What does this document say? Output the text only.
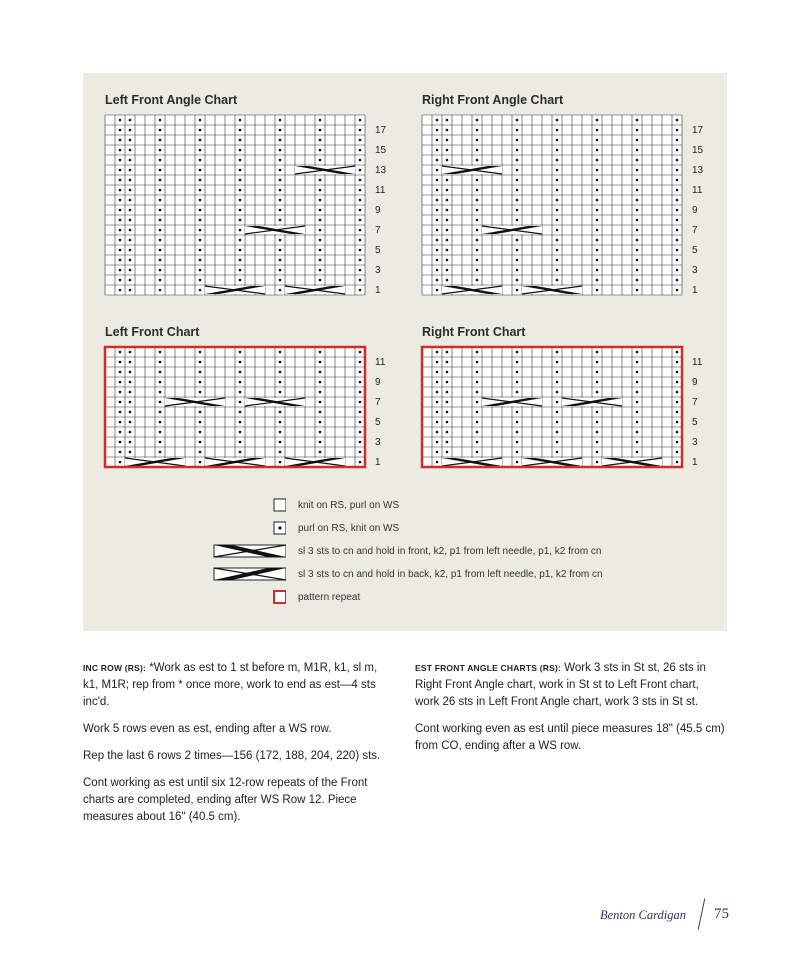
Left Front Angle Chart	Right Front Angle Chart
Left Front Chart	Right Front Chart
17
15
13
11
9
7
5
3
1
17
15
13
11
9
7
5
3
1
11
9
7
5
3
1
11
9
7
5
3
1
knit on RS, purl on WS
purl on RS, knit on WS
sl 3 sts to cn and hold in front, k2, p1 from left needle, p1, k2 from cn
sl 3 sts to cn and hold in back, k2, p1 from left needle, p1, k2 from cn
pattern repeat

INC ROW (RS): *Work as est to 1 st before m, M1R, k1, sl m, k1, M1R; rep from * once more, work to end as est—4 sts inc'd.

Work 5 rows even as est, ending after a WS row.

Rep the last 6 rows 2 times—156 (172, 188, 204, 220) sts.

Cont working as est until six 12-row repeats of the Front charts are completed, ending after WS Row 12. Piece measures about 16" (40.5 cm).

EST FRONT ANGLE CHARTS (RS): Work 3 sts in St st, 26 sts in Right Front Angle chart, work in St st to Left Front chart, work 26 sts in Left Front Angle chart, work 3 sts in St st.

Cont working even as est until piece measures 18" (45.5 cm) from CO, ending after a WS row.

Benton Cardigan 75
